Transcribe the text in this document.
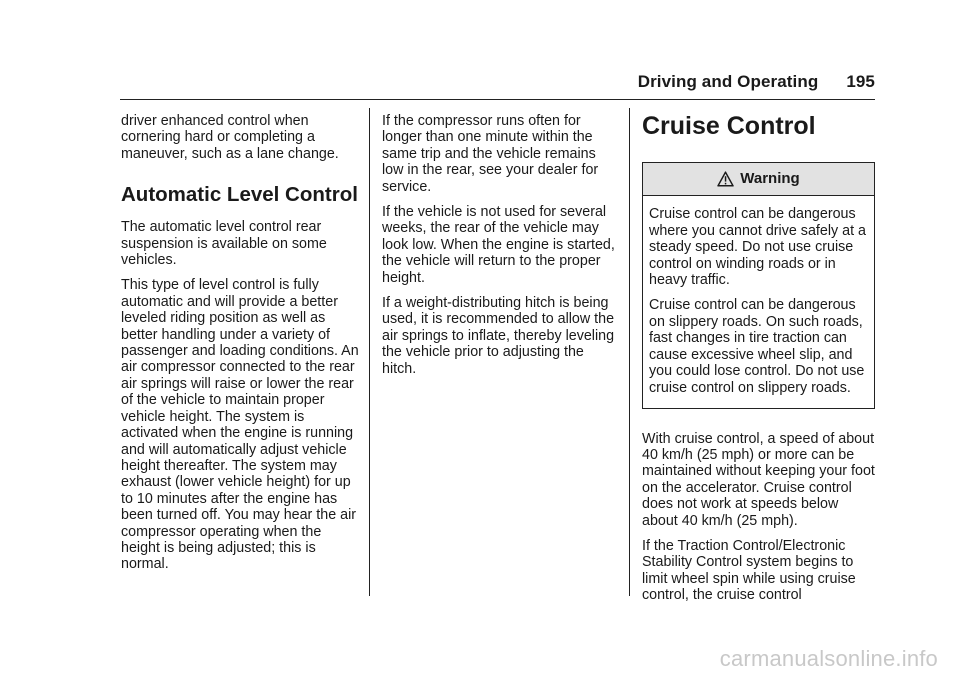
Driving and Operating 195

driver enhanced control when cornering hard or completing a maneuver, such as a lane change.

Automatic Level Control

The automatic level control rear suspension is available on some vehicles.

This type of level control is fully automatic and will provide a better leveled riding position as well as better handling under a variety of passenger and loading conditions. An air compressor connected to the rear air springs will raise or lower the rear of the vehicle to maintain proper vehicle height. The system is activated when the engine is running and will automatically adjust vehicle height thereafter. The system may exhaust (lower vehicle height) for up to 10 minutes after the engine has been turned off. You may hear the air compressor operating when the height is being adjusted; this is normal.

If the compressor runs often for longer than one minute within the same trip and the vehicle remains low in the rear, see your dealer for service.

If the vehicle is not used for several weeks, the rear of the vehicle may look low. When the engine is started, the vehicle will return to the proper height.

If a weight-distributing hitch is being used, it is recommended to allow the air springs to inflate, thereby leveling the vehicle prior to adjusting the hitch.

Cruise Control
Warning

Cruise control can be dangerous where you cannot drive safely at a steady speed. Do not use cruise control on winding roads or in heavy traffic.

Cruise control can be dangerous on slippery roads. On such roads, fast changes in tire traction can cause excessive wheel slip, and you could lose control. Do not use cruise control on slippery roads.

With cruise control, a speed of about 40 km/h (25 mph) or more can be maintained without keeping your foot on the accelerator. Cruise control does not work at speeds below about 40 km/h (25 mph).

If the Traction Control/Electronic Stability Control system begins to limit wheel spin while using cruise control, the cruise control

carmanualsonline.info
